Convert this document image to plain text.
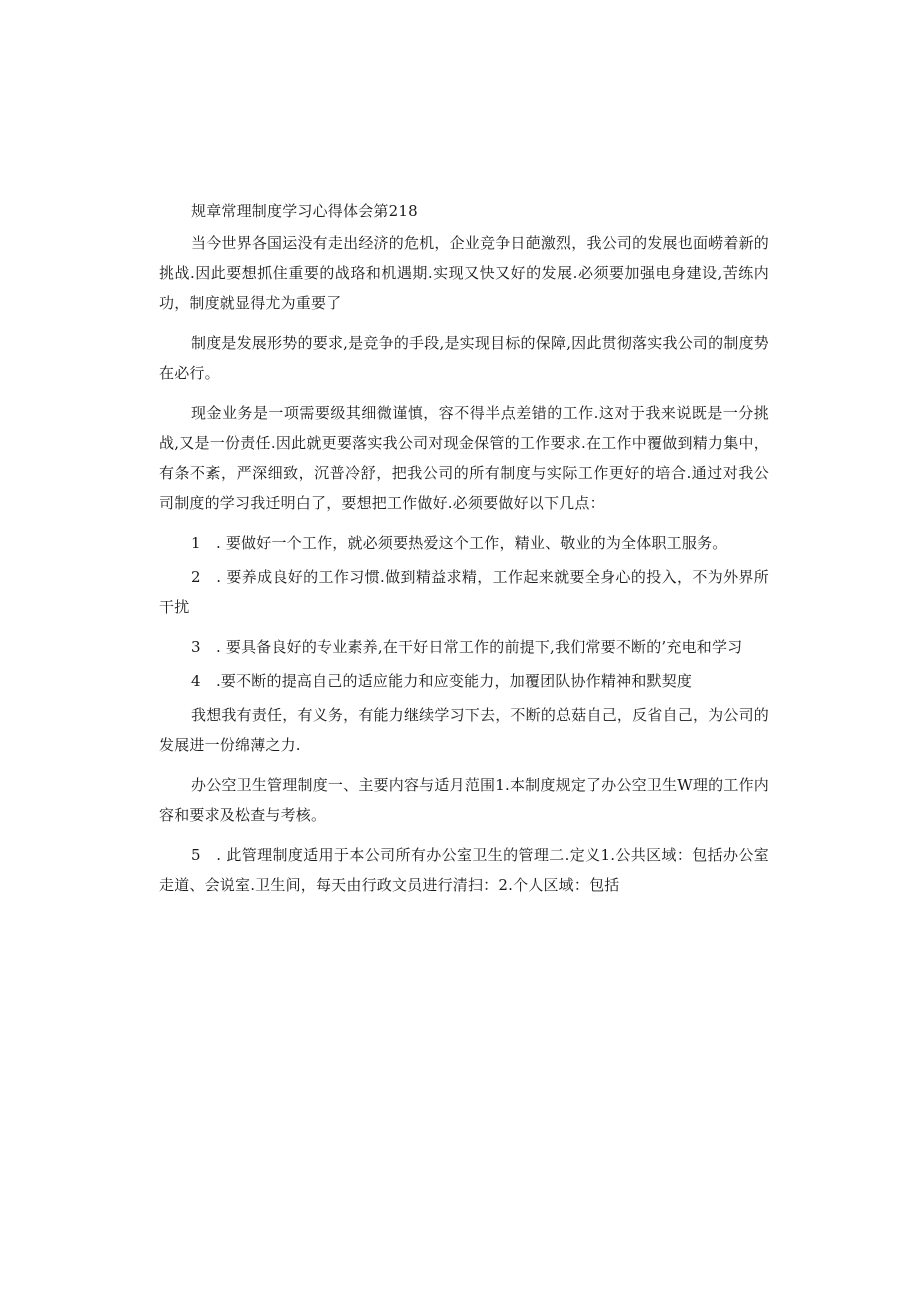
规章常理制度学习心得体会第218

当今世界各国运没有走出经济的危机，企业竞争日葩激烈，我公司的发展也面崂着新的挑战.因此要想抓住重要的战珞和机遇期.实现又快又好的发展.必须要加强电身建设,苦练内功，制度就显得尤为重要了

制度是发展形势的要求,是竞争的手段,是实现目标的保障,因此贯彻落实我公司的制度势在必行。

现金业务是一项需要级其细微谨慎，容不得半点差错的工作.这对于我来说既是一分挑战,又是一份责任.因此就更要落实我公司对现金保管的工作要求.在工作中覆做到精力集中，有条不紊，严深细致，沉普冷舒，把我公司的所有制度与实际工作更好的培合.通过对我公司制度的学习我迁明白了，要想把工作做好.必须要做好以下几点：

1　. 要做好一个工作，就必须要热爱这个工作，精业、敬业的为全体职工服务。

2　. 要养成良好的工作习惯.做到精益求精，工作起来就要全身心的投入，不为外界所干扰

3　. 要具备良好的专业素养,在干好日常工作的前提下,我们常要不断的’充电和学习

4　.要不断的提高自己的适应能力和应变能力，加覆团队协作精神和默契度

我想我有责任，有义务，有能力继续学习下去，不断的总菇自己，反省自己，为公司的发展进一份绵薄之力.

办公空卫生管理制度一、主要内容与适月范围1.本制度规定了办公空卫生W理的工作内容和要求及松查与考核。

5　. 此管理制度适用于本公司所有办公室卫生的管理二.定义1.公共区域：包括办公室走道、会说室.卫生间，每天由行政文员进行清扫：2.个人区域：包括
